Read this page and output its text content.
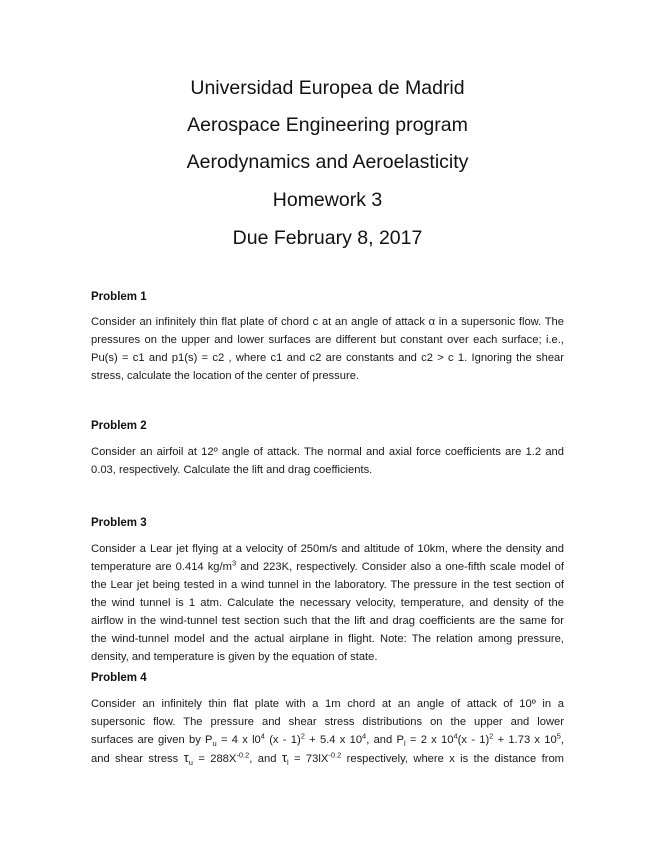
Universidad Europea de Madrid
Aerospace Engineering program
Aerodynamics and Aeroelasticity
Homework 3
Due February 8, 2017
Problem 1
Consider an infinitely thin flat plate of chord c at an angle of attack α in a supersonic flow. The pressures on the upper and lower surfaces are different but constant over each surface; i.e., Pu(s) = c1 and p1(s) = c2 , where c1 and c2 are constants and c2 > c 1. Ignoring the shear stress, calculate the location of the center of pressure.
Problem 2
Consider an airfoil at 12º angle of attack. The normal and axial force coefficients are 1.2 and 0.03, respectively. Calculate the lift and drag coefficients.
Problem 3
Consider a Lear jet flying at a velocity of 250m/s and altitude of 10km, where the density and temperature are 0.414 $kg/m^3$ and 223K, respectively. Consider also a one-fifth scale model of the Lear jet being tested in a wind tunnel in the laboratory. The pressure in the test section of the wind tunnel is 1 atm. Calculate the necessary velocity, temperature, and density of the airflow in the wind-tunnel test section such that the lift and drag coefficients are the same for the wind-tunnel model and the actual airplane in flight. Note: The relation among pressure, density, and temperature is given by the equation of state.
Problem 4
Consider an infinitely thin flat plate with a 1m chord at an angle of attack of 10º in a
supersonic flow. The pressure and shear stress distributions on the upper and lower
surfaces are given by $P_u = 4$ x $l0^4$ (x - 1)$^2$ + 5.4 x $10^4$, and $P_l = 2$ x $10^4(x - 1)^2 + 1.73$ x $10^5$,
and shear stress $\tau_u = 288X^{-0.2}$, and $\tau_l = 73lX^{-0.2}$ respectively, where x is the distance from
